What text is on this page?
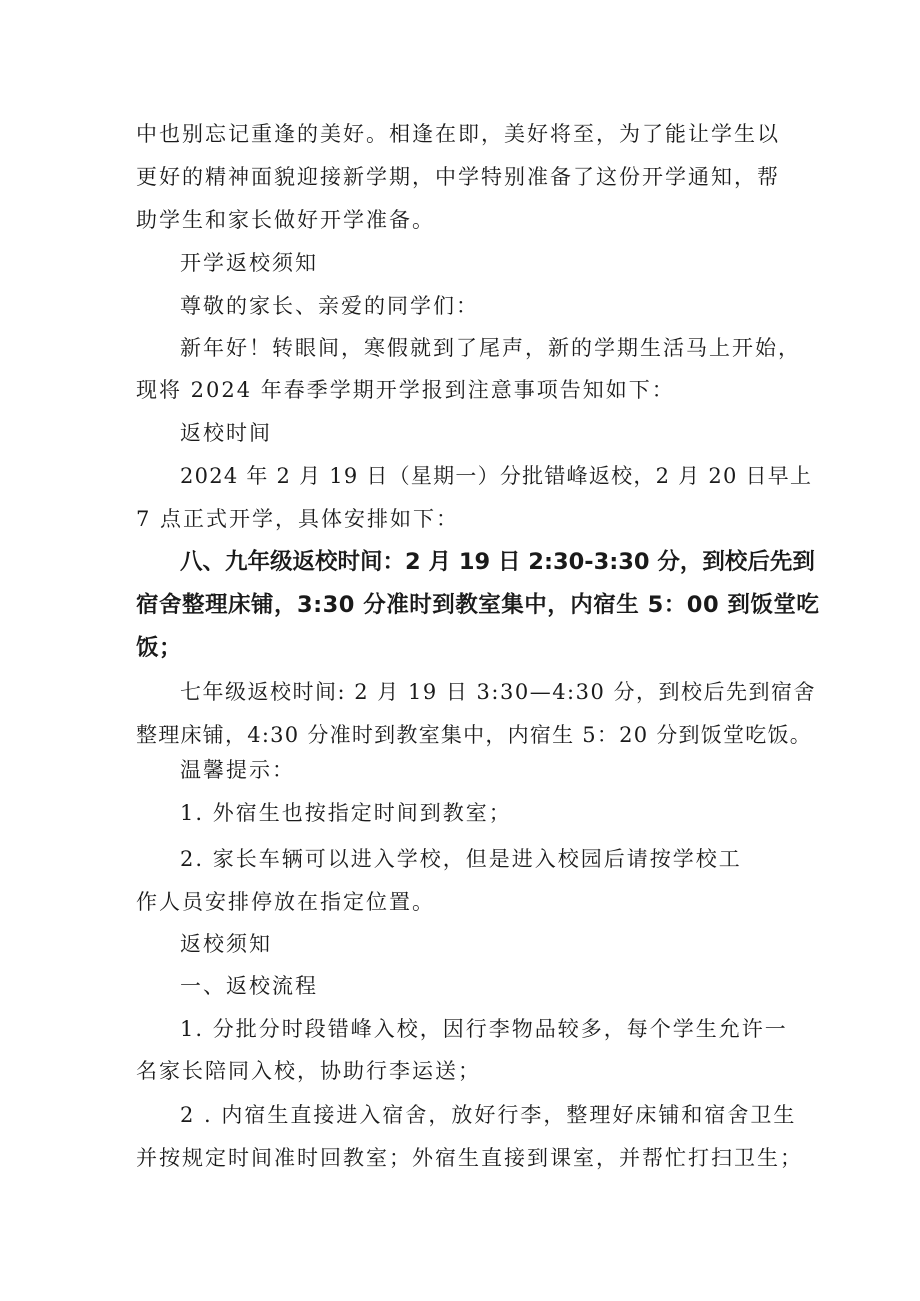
中也别忘记重逢的美好。相逢在即，美好将至，为了能让学生以
更好的精神面貌迎接新学期，中学特别准备了这份开学通知，帮
助学生和家长做好开学准备。
开学返校须知
尊敬的家长、亲爱的同学们：
新年好！转眼间，寒假就到了尾声，新的学期生活马上开始，
现将 2024 年春季学期开学报到注意事项告知如下：
返校时间
2024 年 2 月 19 日（星期一）分批错峰返校，2 月 20 日早上
7 点正式开学，具体安排如下：
八、九年级返校时间：2 月 19 日 2:30-3:30 分，到校后先到
宿舍整理床铺，3:30 分准时到教室集中，内宿生 5：00 到饭堂吃
饭；
七年级返校时间: 2 月 19 日 3:30—4:30 分，到校后先到宿舍
整理床铺，4:30 分准时到教室集中，内宿生 5：20 分到饭堂吃饭。
温馨提示：
1. 外宿生也按指定时间到教室；
2. 家长车辆可以进入学校，但是进入校园后请按学校工
作人员安排停放在指定位置。
返校须知
一、返校流程
1. 分批分时段错峰入校，因行李物品较多，每个学生允许一
名家长陪同入校，协助行李运送；
2 . 内宿生直接进入宿舍，放好行李，整理好床铺和宿舍卫生
并按规定时间准时回教室；外宿生直接到课室，并帮忙打扫卫生；
